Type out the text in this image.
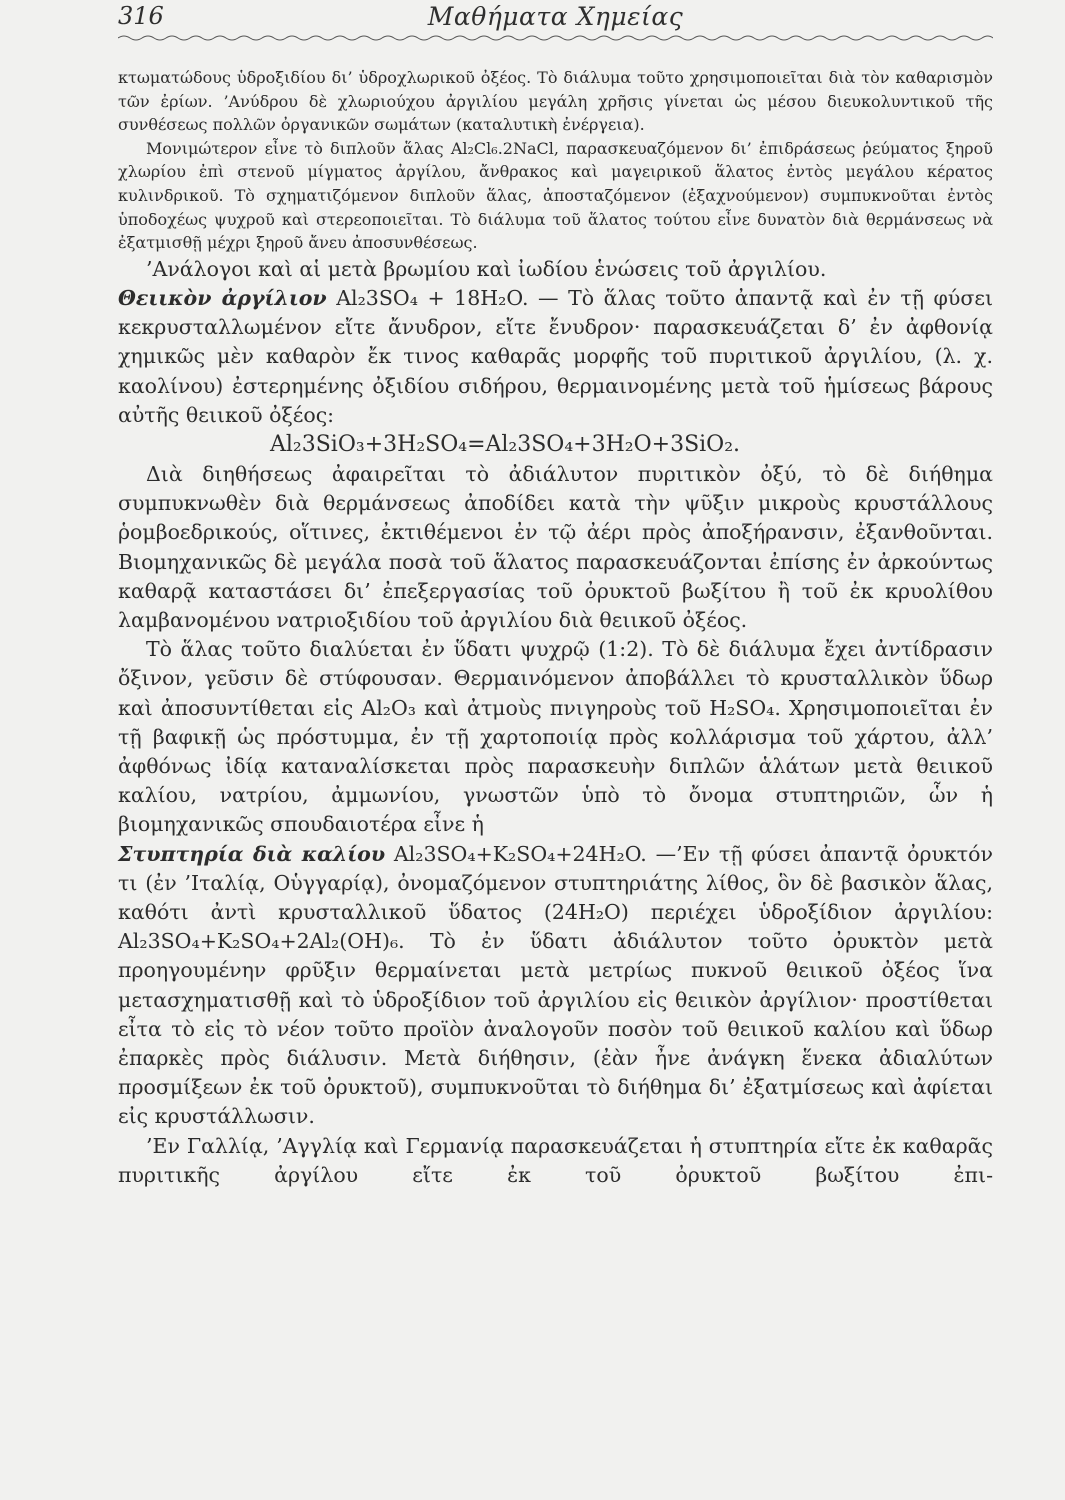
316	Μαθήματα Χημείας

κτωματώδους ὑδροξιδίου δι’ ὑδροχλωρικοῦ ὀξέος. Τὸ διάλυμα τοῦτο χρησιμοποιεῖται διὰ τὸν καθαρισμὸν τῶν ἐρίων. ’Ανύδρου δὲ χλωριούχου ἀργιλίου μεγάλη χρῆσις γίνεται ὡς μέσου διευκολυντικοῦ τῆς συνθέσεως πολλῶν ὀργανικῶν σωμάτων (καταλυτικὴ ἐνέργεια).

Μονιμώτερον εἶνε τὸ διπλοῦν ἅλας Al₂Cl₆.2NaCl, παρασκευαζόμενον δι’ ἐπιδράσεως ῥεύματος ξηροῦ χλωρίου ἐπὶ στενοῦ μίγματος ἀργίλου, ἄνθρακος καὶ μαγειρικοῦ ἅλατος ἐντὸς μεγάλου κέρατος κυλινδρικοῦ. Τὸ σχηματιζόμενον διπλοῦν ἅλας, ἀποσταζόμενον (ἐξαχνούμενον) συμπυκνοῦται ἐντὸς ὑποδοχέως ψυχροῦ καὶ στερεοποιεῖται. Τὸ διάλυμα τοῦ ἅλατος τούτου εἶνε δυνατὸν διὰ θερμάνσεως νὰ ἐξατμισθῇ μέχρι ξηροῦ ἄνευ ἀποσυνθέσεως.

’Ανάλογοι καὶ αἱ μετὰ βρωμίου καὶ ἰωδίου ἑνώσεις τοῦ ἀργιλίου.

Θειικὸν ἀργίλιον Al₂3SO₄ + 18H₂O. — Τὸ ἅλας τοῦτο ἀπαντᾷ καὶ ἐν τῇ φύσει κεκρυσταλλωμένον εἴτε ἄνυδρον, εἴτε ἔνυδρον· παρασκευάζεται δ’ ἐν ἀφθονίᾳ χημικῶς μὲν καθαρὸν ἔκ τινος καθαρᾶς μορφῆς τοῦ πυριτικοῦ ἀργιλίου, (λ. χ. καολίνου) ἐστερημένης ὀξιδίου σιδήρου, θερμαινομένης μετὰ τοῦ ἡμίσεως βάρους αὐτῆς θειικοῦ ὀξέος:

Al₂3SiO₃+3H₂SO₄=Al₂3SO₄+3H₂O+3SiO₂.

Διὰ διηθήσεως ἀφαιρεῖται τὸ ἀδιάλυτον πυριτικὸν ὀξύ, τὸ δὲ διήθημα συμπυκνωθὲν διὰ θερμάνσεως ἀποδίδει κατὰ τὴν ψῦξιν μικροὺς κρυστάλλους ῥομβοεδρικούς, οἵτινες, ἐκτιθέμενοι ἐν τῷ ἀέρι πρὸς ἀποξήρανσιν, ἐξανθοῦνται. Βιομηχανικῶς δὲ μεγάλα ποσὰ τοῦ ἅλατος παρασκευάζονται ἐπίσης ἐν ἀρκούντως καθαρᾷ καταστάσει δι’ ἐπεξεργασίας τοῦ ὀρυκτοῦ βωξίτου ἢ τοῦ ἐκ κρυολίθου λαμβανομένου νατριοξιδίου τοῦ ἀργιλίου διὰ θειικοῦ ὀξέος.

Τὸ ἅλας τοῦτο διαλύεται ἐν ὕδατι ψυχρῷ (1:2). Τὸ δὲ διάλυμα ἔχει ἀντίδρασιν ὄξινον, γεῦσιν δὲ στύφουσαν. Θερμαινόμενον ἀποβάλλει τὸ κρυσταλλικὸν ὕδωρ καὶ ἀποσυντίθεται εἰς Al₂O₃ καὶ ἀτμοὺς πνιγηροὺς τοῦ H₂SO₄. Χρησιμοποιεῖται ἐν τῇ βαφικῇ ὡς πρόστυμμα, ἐν τῇ χαρτοποιίᾳ πρὸς κολλάρισμα τοῦ χάρτου, ἀλλ’ ἀφθόνως ἰδίᾳ καταναλίσκεται πρὸς παρασκευὴν διπλῶν ἁλάτων μετὰ θειικοῦ καλίου, νατρίου, ἀμμωνίου, γνωστῶν ὑπὸ τὸ ὄνομα στυπτηριῶν, ὧν ἡ βιομηχανικῶς σπουδαιοτέρα εἶνε ἡ

Στυπτηρία διὰ καλίου Al₂3SO₄+K₂SO₄+24H₂O. —’Εν τῇ φύσει ἀπαντᾷ ὀρυκτόν τι (ἐν ’Ιταλίᾳ, Οὑγγαρίᾳ), ὀνομαζόμενον στυπτηριάτης λίθος, ὃν δὲ βασικὸν ἅλας, καθότι ἀντὶ κρυσταλλικοῦ ὕδατος (24H₂O) περιέχει ὑδροξίδιον ἀργιλίου: Al₂3SO₄+K₂SO₄+2Al₂(OH)₆. Τὸ ἐν ὕδατι ἀδιάλυτον τοῦτο ὀρυκτὸν μετὰ προηγουμένην φρῦξιν θερμαίνεται μετὰ μετρίως πυκνοῦ θειικοῦ ὀξέος ἵνα μετασχηματισθῇ καὶ τὸ ὑδροξίδιον τοῦ ἀργιλίου εἰς θειικὸν ἀργίλιον· προστίθεται εἶτα τὸ εἰς τὸ νέον τοῦτο προϊὸν ἀναλογοῦν ποσὸν τοῦ θειικοῦ καλίου καὶ ὕδωρ ἐπαρκὲς πρὸς διάλυσιν. Μετὰ διήθησιν, (ἐὰν ἦνε ἀνάγκη ἕνεκα ἀδιαλύτων προσμίξεων ἐκ τοῦ ὀρυκτοῦ), συμπυκνοῦται τὸ διήθημα δι’ ἐξατμίσεως καὶ ἀφίεται εἰς κρυστάλλωσιν.

’Εν Γαλλίᾳ, ’Αγγλίᾳ καὶ Γερμανίᾳ παρασκευάζεται ἡ στυπτηρία εἴτε ἐκ καθαρᾶς πυριτικῆς ἀργίλου εἴτε ἐκ τοῦ ὀρυκτοῦ βωξίτου ἐπι-
